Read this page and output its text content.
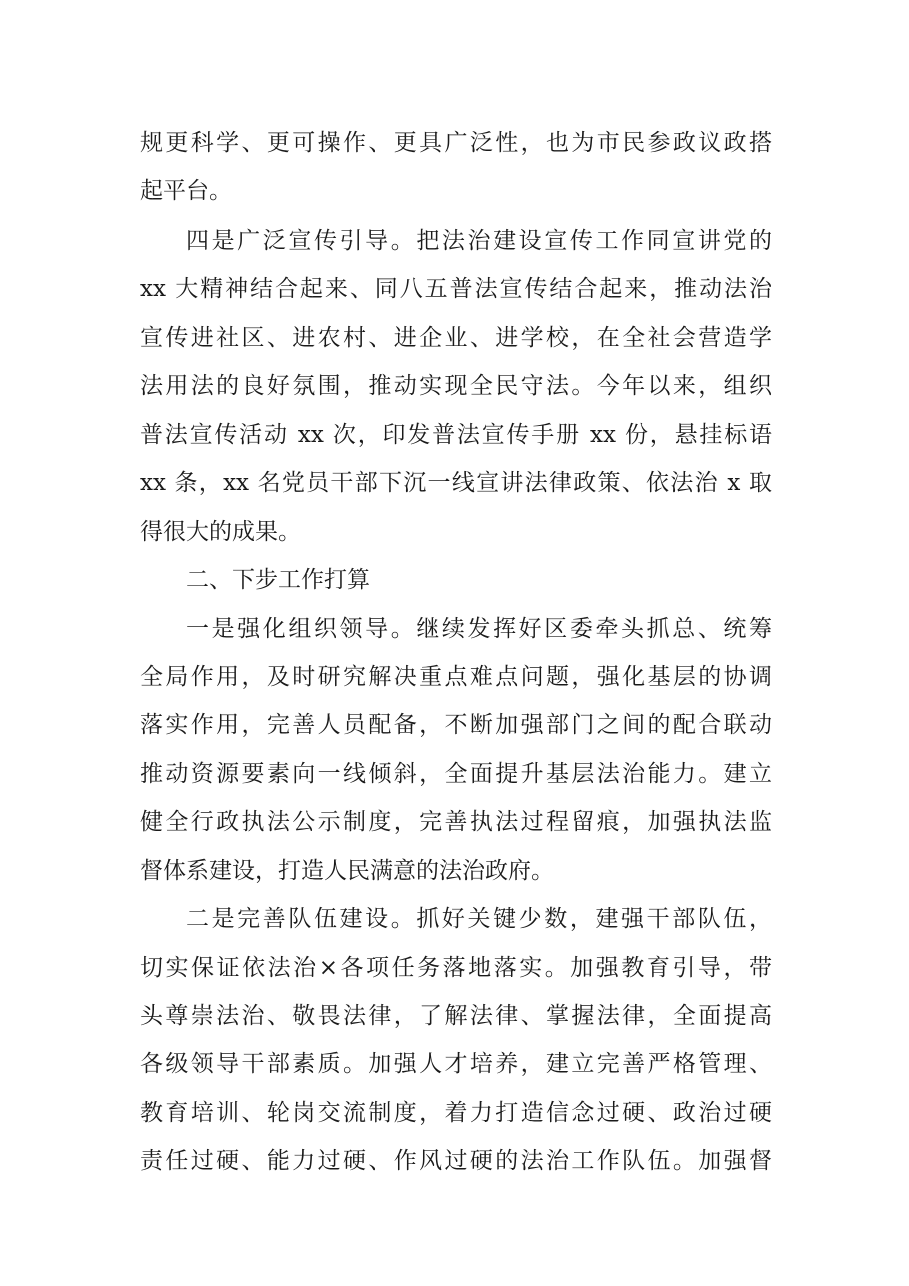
规更科学、更可操作、更具广泛性，也为市民参政议政搭
起平台。
四是广泛宣传引导。把法治建设宣传工作同宣讲党的
xx 大精神结合起来、同八五普法宣传结合起来，推动法治
宣传进社区、进农村、进企业、进学校，在全社会营造学
法用法的良好氛围，推动实现全民守法。今年以来，组织
普法宣传活动 xx 次，印发普法宣传手册 xx 份，悬挂标语
xx 条，xx 名党员干部下沉一线宣讲法律政策、依法治 x 取
得很大的成果。
二、下步工作打算
一是强化组织领导。继续发挥好区委牵头抓总、统筹
全局作用，及时研究解决重点难点问题，强化基层的协调
落实作用，完善人员配备，不断加强部门之间的配合联动
推动资源要素向一线倾斜，全面提升基层法治能力。建立
健全行政执法公示制度，完善执法过程留痕，加强执法监
督体系建设，打造人民满意的法治政府。
二是完善队伍建设。抓好关键少数，建强干部队伍，
切实保证依法治×各项任务落地落实。加强教育引导，带
头尊崇法治、敬畏法律，了解法律、掌握法律，全面提高
各级领导干部素质。加强人才培养，建立完善严格管理、
教育培训、轮岗交流制度，着力打造信念过硬、政治过硬
责任过硬、能力过硬、作风过硬的法治工作队伍。加强督
